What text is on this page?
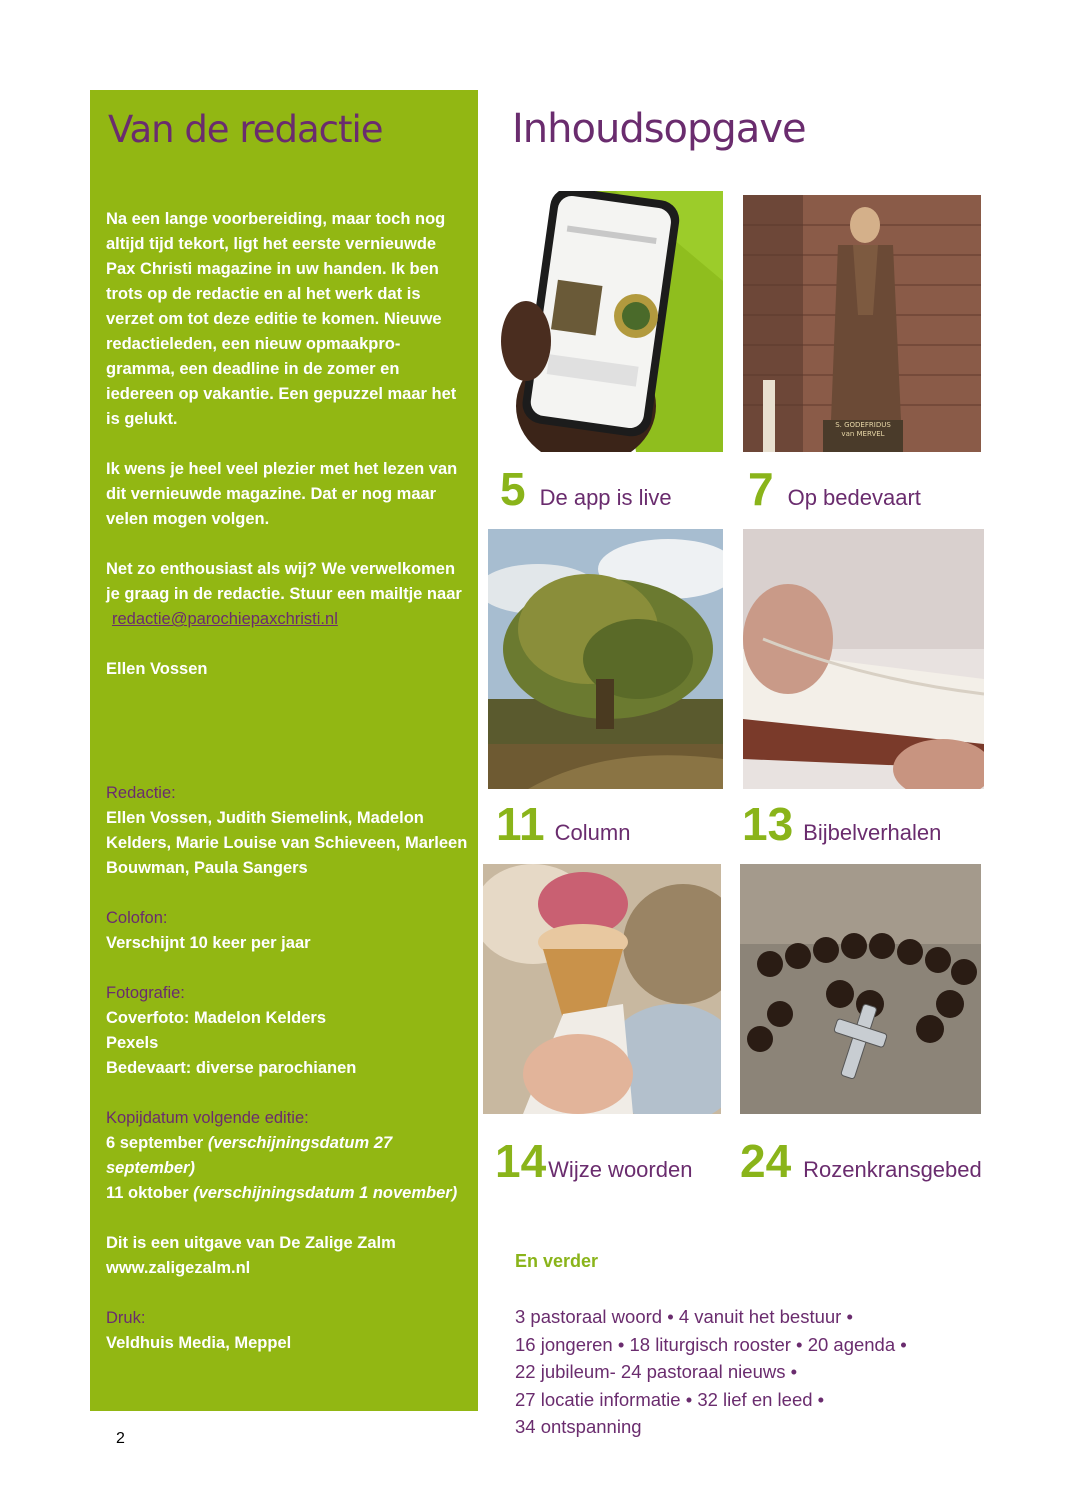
Van de redactie

Na een lange voorbereiding, maar toch nog altijd tijd tekort, ligt het eerste vernieuwde Pax Christi magazine in uw handen. Ik ben trots op de redactie en al het werk dat is verzet om tot deze editie te komen. Nieuwe redactieleden, een nieuw opmaakpro-gramma, een deadline in de zomer en iedereen op vakantie. Een gepuzzel maar het is gelukt.

Ik wens je heel veel plezier met het lezen van dit vernieuwde magazine. Dat er nog maar velen mogen volgen.

Net zo enthousiast als wij? We verwelkomen je graag in de redactie. Stuur een mailtje naar redactie@parochiepaxchristi.nl

Ellen Vossen

Redactie:
Ellen Vossen, Judith Siemelink, Madelon Kelders, Marie Louise van Schieveen, Marleen Bouwman, Paula Sangers
Colofon:
Verschijnt 10 keer per jaar
Fotografie:
Coverfoto: Madelon Kelders
Pexels
Bedevaart: diverse parochianen
Kopijdatum volgende editie:
6 september (verschijningsdatum 27 september)
11 oktober (verschijningsdatum 1 november)
Dit is een uitgave van De Zalige Zalm
www.zaligezalm.nl
Druk:
Veldhuis Media, Meppel
Inhoudsopgave
S. GODEFRIDUS
van MERVEL
5 De app is live 7 Op bedevaart
11 Column 13 Bijbelverhalen
14 Wijze woorden 24 Rozenkransgebed
En verder
3 pastoraal woord • 4 vanuit het bestuur •
16 jongeren • 18 liturgisch rooster • 20 agenda •
22 jubileum- 24 pastoraal nieuws • 27 locatie informatie • 32 lief en leed • 34 ontspanning
2
